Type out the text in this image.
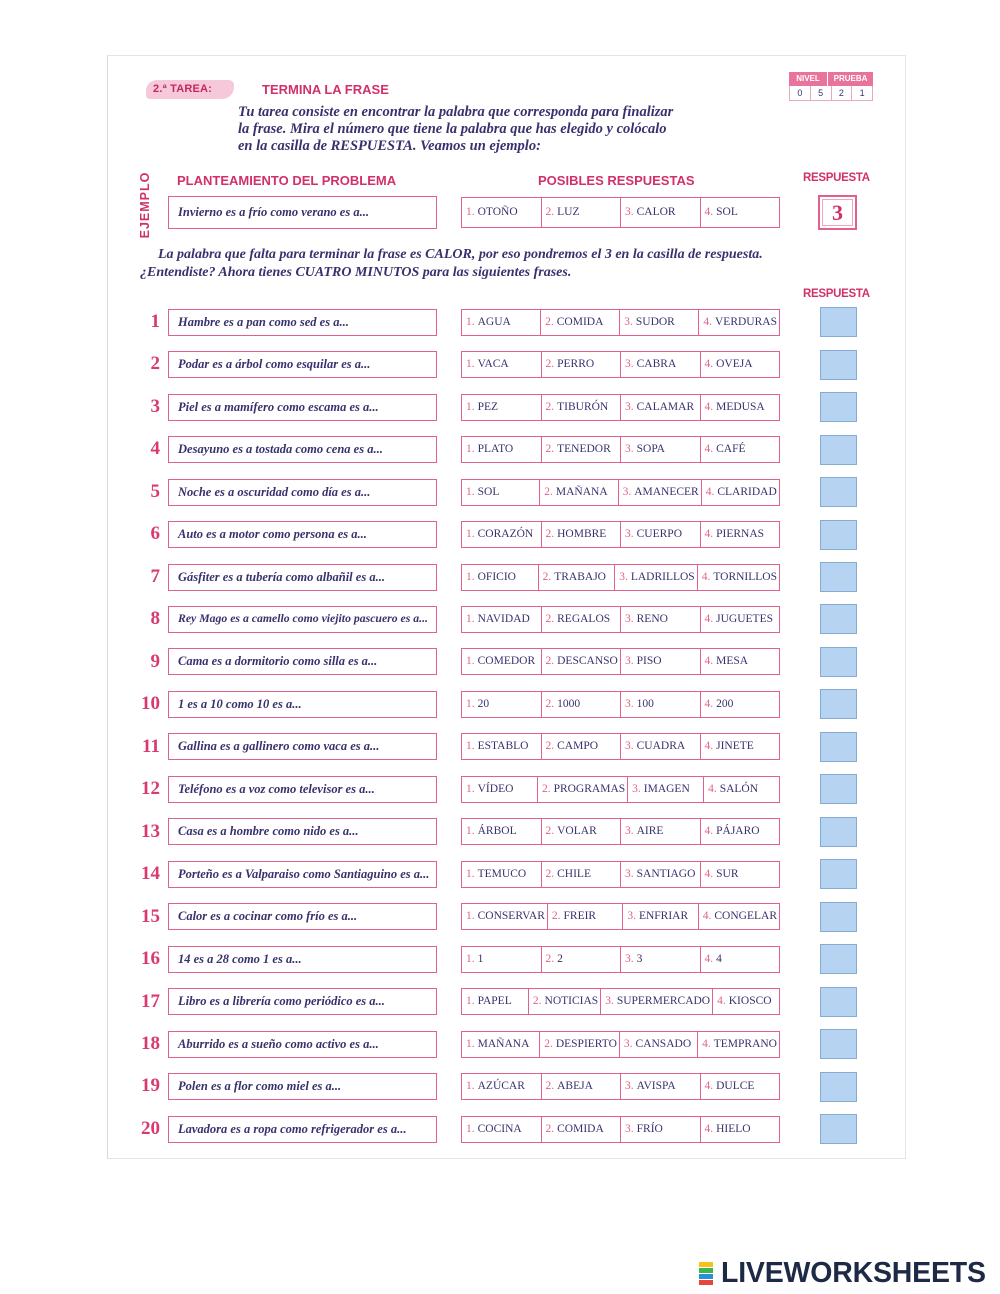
2.ª TAREA:	TERMINA LA FRASE
NIVEL	PRUEBA
0	5	2	1
Tu tarea consiste en encontrar la palabra que corresponda para finalizar
la frase. Mira el número que tiene la palabra que has elegido y colócalo
en la casilla de RESPUESTA. Veamos un ejemplo:
EJEMPLO PLANTEAMIENTO DEL PROBLEMA	POSIBLES RESPUESTAS	RESPUESTA
Invierno es a frío como verano es a...	1. OTOÑO	2. LUZ	3. CALOR	4. SOL	3
La palabra que falta para terminar la frase es CALOR, por eso pondremos el 3 en la casilla de respuesta.
¿Entendiste? Ahora tienes CUATRO MINUTOS para las siguientes frases.
RESPUESTA
1	Hambre es a pan como sed es a...	1. AGUA	2. COMIDA	3. SUDOR	4. VERDURAS
2	Podar es a árbol como esquilar es a...	1. VACA	2. PERRO	3. CABRA	4. OVEJA
3	Piel es a mamífero como escama es a...	1. PEZ	2. TIBURÓN	3. CALAMAR 4. MEDUSA
4	Desayuno es a tostada como cena es a...	1. PLATO	2. TENEDOR	3. SOPA	4. CAFÉ
5	Noche es a oscuridad como día es a...	1. SOL	2. MAÑANA	3. AMANECER 4. CLARIDAD
6	Auto es a motor como persona es a...	1. CORAZÓN	2. HOMBRE	3. CUERPO	4. PIERNAS
7	Gásfiter es a tubería como albañil es a...	1. OFICIO	2. TRABAJO	3. LADRILLOS 4. TORNILLOS
8	Rey Mago es a camello como viejito pascuero es a...	1. NAVIDAD	2. REGALOS	3. RENO	4. JUGUETES
9	Cama es a dormitorio como silla es a...	1. COMEDOR 2. DESCANSO 3. PISO	4. MESA
10	1 es a 10 como 10 es a...	1. 20	2. 1000	3. 100	4. 200
11	Gallina es a gallinero como vaca es a...	1. ESTABLO	2. CAMPO	3. CUADRA	4. JINETE
12	Teléfono es a voz como televisor es a...	1. VÍDEO	2. PROGRAMAS 3. IMAGEN	4. SALÓN
13	Casa es a hombre como nido es a...	1. ÁRBOL	2. VOLAR	3. AIRE	4. PÁJARO
14	Porteño es a Valparaiso como Santiaguino es a...	1. TEMUCO	2. CHILE	3. SANTIAGO 4. SUR
15	Calor es a cocinar como frío es a...	1. CONSERVAR 2. FREIR	3. ENFRIAR	4. CONGELAR
16	14 es a 28 como 1 es a...	1. 1	2. 2	3. 3	4. 4
17	Libro es a librería como periódico es a...	1. PAPEL	2. NOTICIAS 3. SUPERMERCADO 4. KIOSCO
18	Aburrido es a sueño como activo es a...	1. MAÑANA	2. DESPIERTO 3. CANSADO 4. TEMPRANO
19	Polen es a flor como miel es a...	1. AZÚCAR	2. ABEJA	3. AVISPA	4. DULCE
20	Lavadora es a ropa como refrigerador es a...	1. COCINA	2. COMIDA	3. FRÍO	4. HIELO
LIVEWORKSHEETS
